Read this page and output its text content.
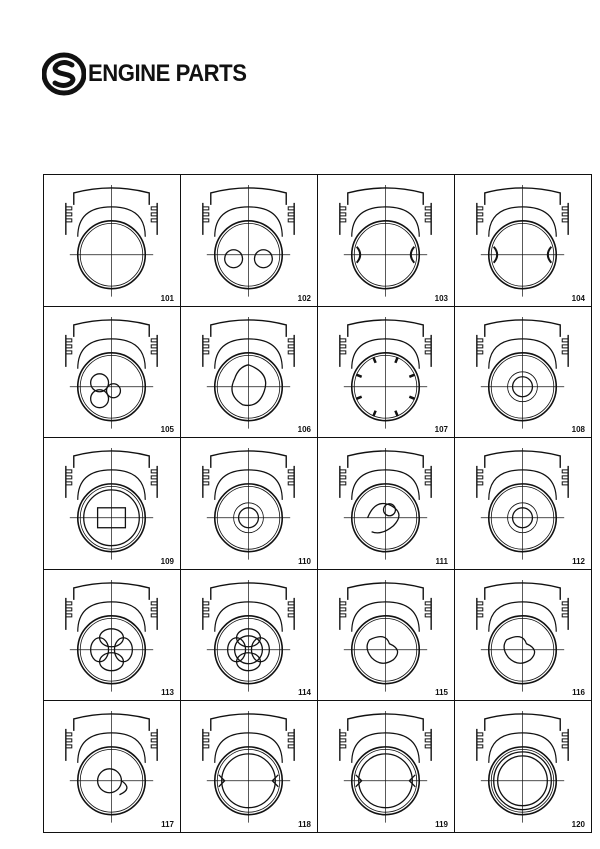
ENGINE PARTS
101	102	103	104
105	106	107	108
109	110	111	112
113	114	115	116
117	118	119	120
